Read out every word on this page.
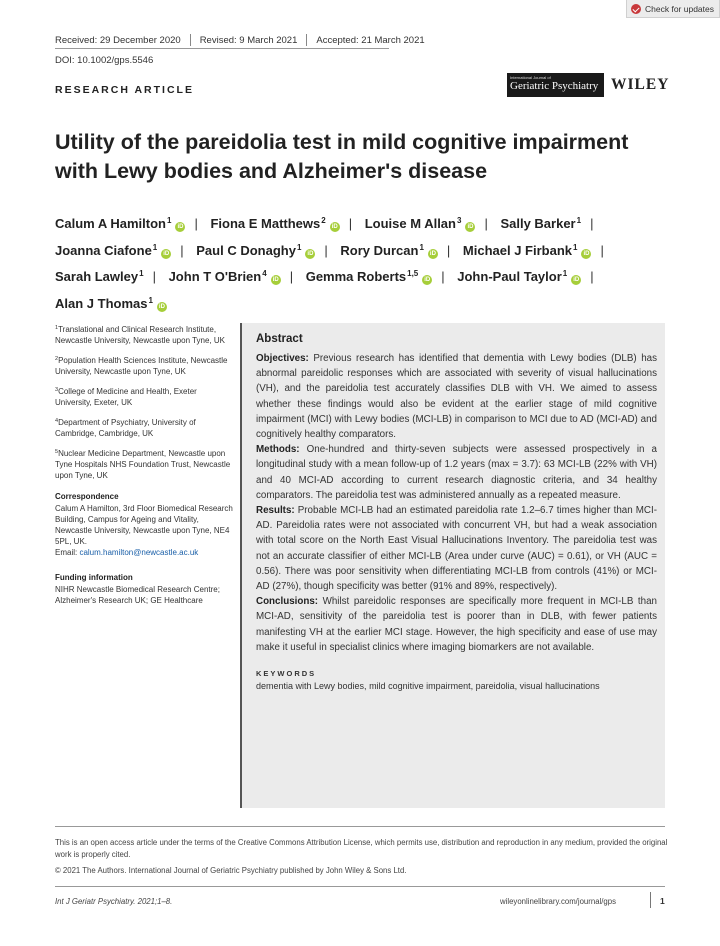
Check for updates
Received: 29 December 2020 Revised: 9 March 2021 Accepted: 21 March 2021
DOI: 10.1002/gps.5546
RESEARCH ARTICLE
International Journal of
Geriatric Psychiatry WILEY
Utility of the pareidolia test in mild cognitive impairment with Lewy bodies and Alzheimer's disease
Calum A Hamilton$^1$iD | Fiona E Matthews$^2$iD | Louise M Allan$^3$iD | Sally Barker$^1$ | Joanna Ciafone$^1$iD | Paul C Donaghy$^1$iD | Rory Durcan$^1$iD | Michael J Firbank$^1$iD | Sarah Lawley$^1$ | John T O'Brien$^4$iD | Gemma Roberts$^{1,5}$iD | John-Paul Taylor$^1$iD | Alan J Thomas$^1$iD
$^1$Translational and Clinical Research Institute, Newcastle University, Newcastle upon Tyne, UK
$^2$Population Health Sciences Institute, Newcastle University, Newcastle upon Tyne, UK
$^3$College of Medicine and Health, Exeter University, Exeter, UK
$^4$Department of Psychiatry, University of Cambridge, Cambridge, UK
$^5$Nuclear Medicine Department, Newcastle upon Tyne Hospitals NHS Foundation Trust, Newcastle upon Tyne, UK
Correspondence
Calum A Hamilton, 3rd Floor Biomedical Research Building, Campus for Ageing and Vitality, Newcastle University, Newcastle upon Tyne, NE4 5PL, UK.
Email: calum.hamilton@newcastle.ac.uk
Funding information
NIHR Newcastle Biomedical Research Centre; Alzheimer's Research UK; GE Healthcare
Abstract

Objectives: Previous research has identified that dementia with Lewy bodies (DLB) has abnormal pareidolic responses which are associated with severity of visual hallucinations (VH), and the pareidolia test accurately classifies DLB with VH. We aimed to assess whether these findings would also be evident at the earlier stage of mild cognitive impairment (MCI) with Lewy bodies (MCI-LB) in comparison to MCI due to AD (MCI-AD) and cognitively healthy comparators.

Methods: One-hundred and thirty-seven subjects were assessed prospectively in a longitudinal study with a mean follow-up of 1.2 years (max = 3.7): 63 MCI-LB (22% with VH) and 40 MCI-AD according to current research diagnostic criteria, and 34 healthy comparators. The pareidolia test was administered annually as a repeated measure.

Results: Probable MCI-LB had an estimated pareidolia rate 1.2–6.7 times higher than MCI-AD. Pareidolia rates were not associated with concurrent VH, but had a weak association with total score on the North East Visual Hallucinations Inventory. The pareidolia test was not an accurate classifier of either MCI-LB (Area under curve (AUC) = 0.61), or VH (AUC = 0.56). There was poor sensitivity when differentiating MCI-LB from controls (41%) or MCI-AD (27%), though specificity was better (91% and 89%, respectively).

Conclusions: Whilst pareidolic responses are specifically more frequent in MCI-LB than MCI-AD, sensitivity of the pareidolia test is poorer than in DLB, with fewer patients manifesting VH at the earlier MCI stage. However, the high specificity and ease of use may make it useful in specialist clinics where imaging biomarkers are not available.

KEYWORDS
dementia with Lewy bodies, mild cognitive impairment, pareidolia, visual hallucinations
This is an open access article under the terms of the Creative Commons Attribution License, which permits use, distribution and reproduction in any medium, provided the original work is properly cited.
© 2021 The Authors. International Journal of Geriatric Psychiatry published by John Wiley & Sons Ltd.
Int J Geriatr Psychiatry. 2021;1–8.	wileyonlinelibrary.com/journal/gps	1
